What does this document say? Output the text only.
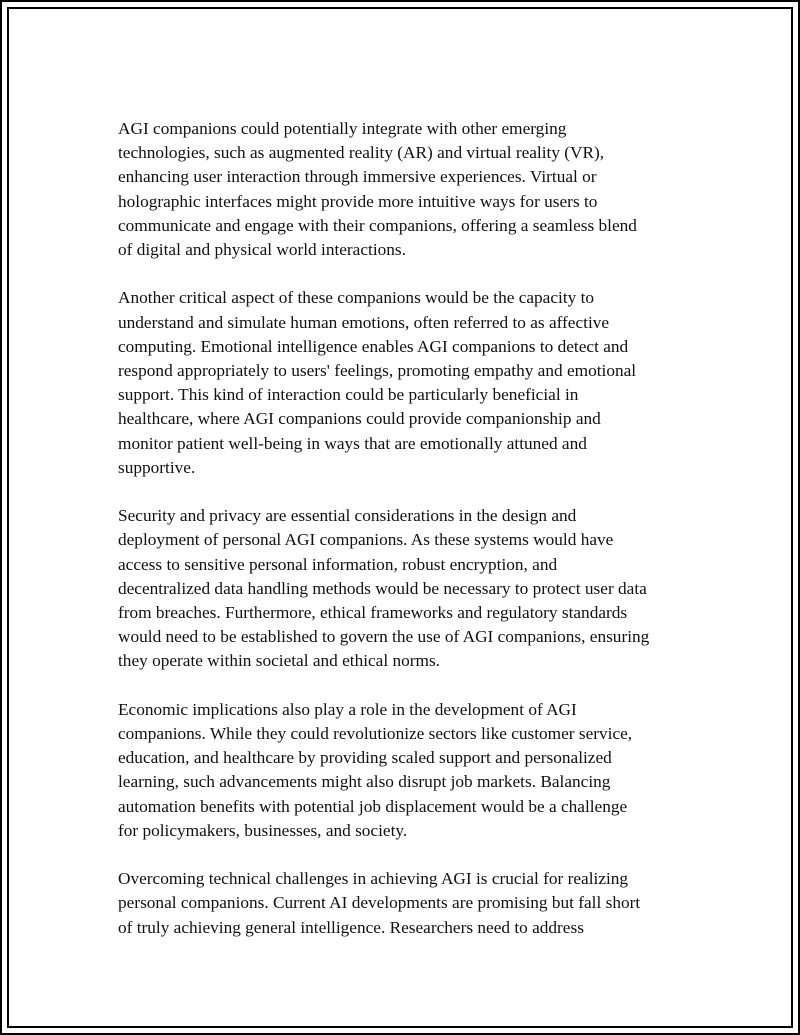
AGI companions could potentially integrate with other emerging
technologies, such as augmented reality (AR) and virtual reality (VR),
enhancing user interaction through immersive experiences. Virtual or
holographic interfaces might provide more intuitive ways for users to
communicate and engage with their companions, offering a seamless blend
of digital and physical world interactions.

Another critical aspect of these companions would be the capacity to
understand and simulate human emotions, often referred to as affective
computing. Emotional intelligence enables AGI companions to detect and
respond appropriately to users' feelings, promoting empathy and emotional
support. This kind of interaction could be particularly beneficial in
healthcare, where AGI companions could provide companionship and
monitor patient well-being in ways that are emotionally attuned and
supportive.

Security and privacy are essential considerations in the design and
deployment of personal AGI companions. As these systems would have
access to sensitive personal information, robust encryption, and
decentralized data handling methods would be necessary to protect user data
from breaches. Furthermore, ethical frameworks and regulatory standards
would need to be established to govern the use of AGI companions, ensuring
they operate within societal and ethical norms.

Economic implications also play a role in the development of AGI
companions. While they could revolutionize sectors like customer service,
education, and healthcare by providing scaled support and personalized
learning, such advancements might also disrupt job markets. Balancing
automation benefits with potential job displacement would be a challenge
for policymakers, businesses, and society.

Overcoming technical challenges in achieving AGI is crucial for realizing
personal companions. Current AI developments are promising but fall short
of truly achieving general intelligence. Researchers need to address
